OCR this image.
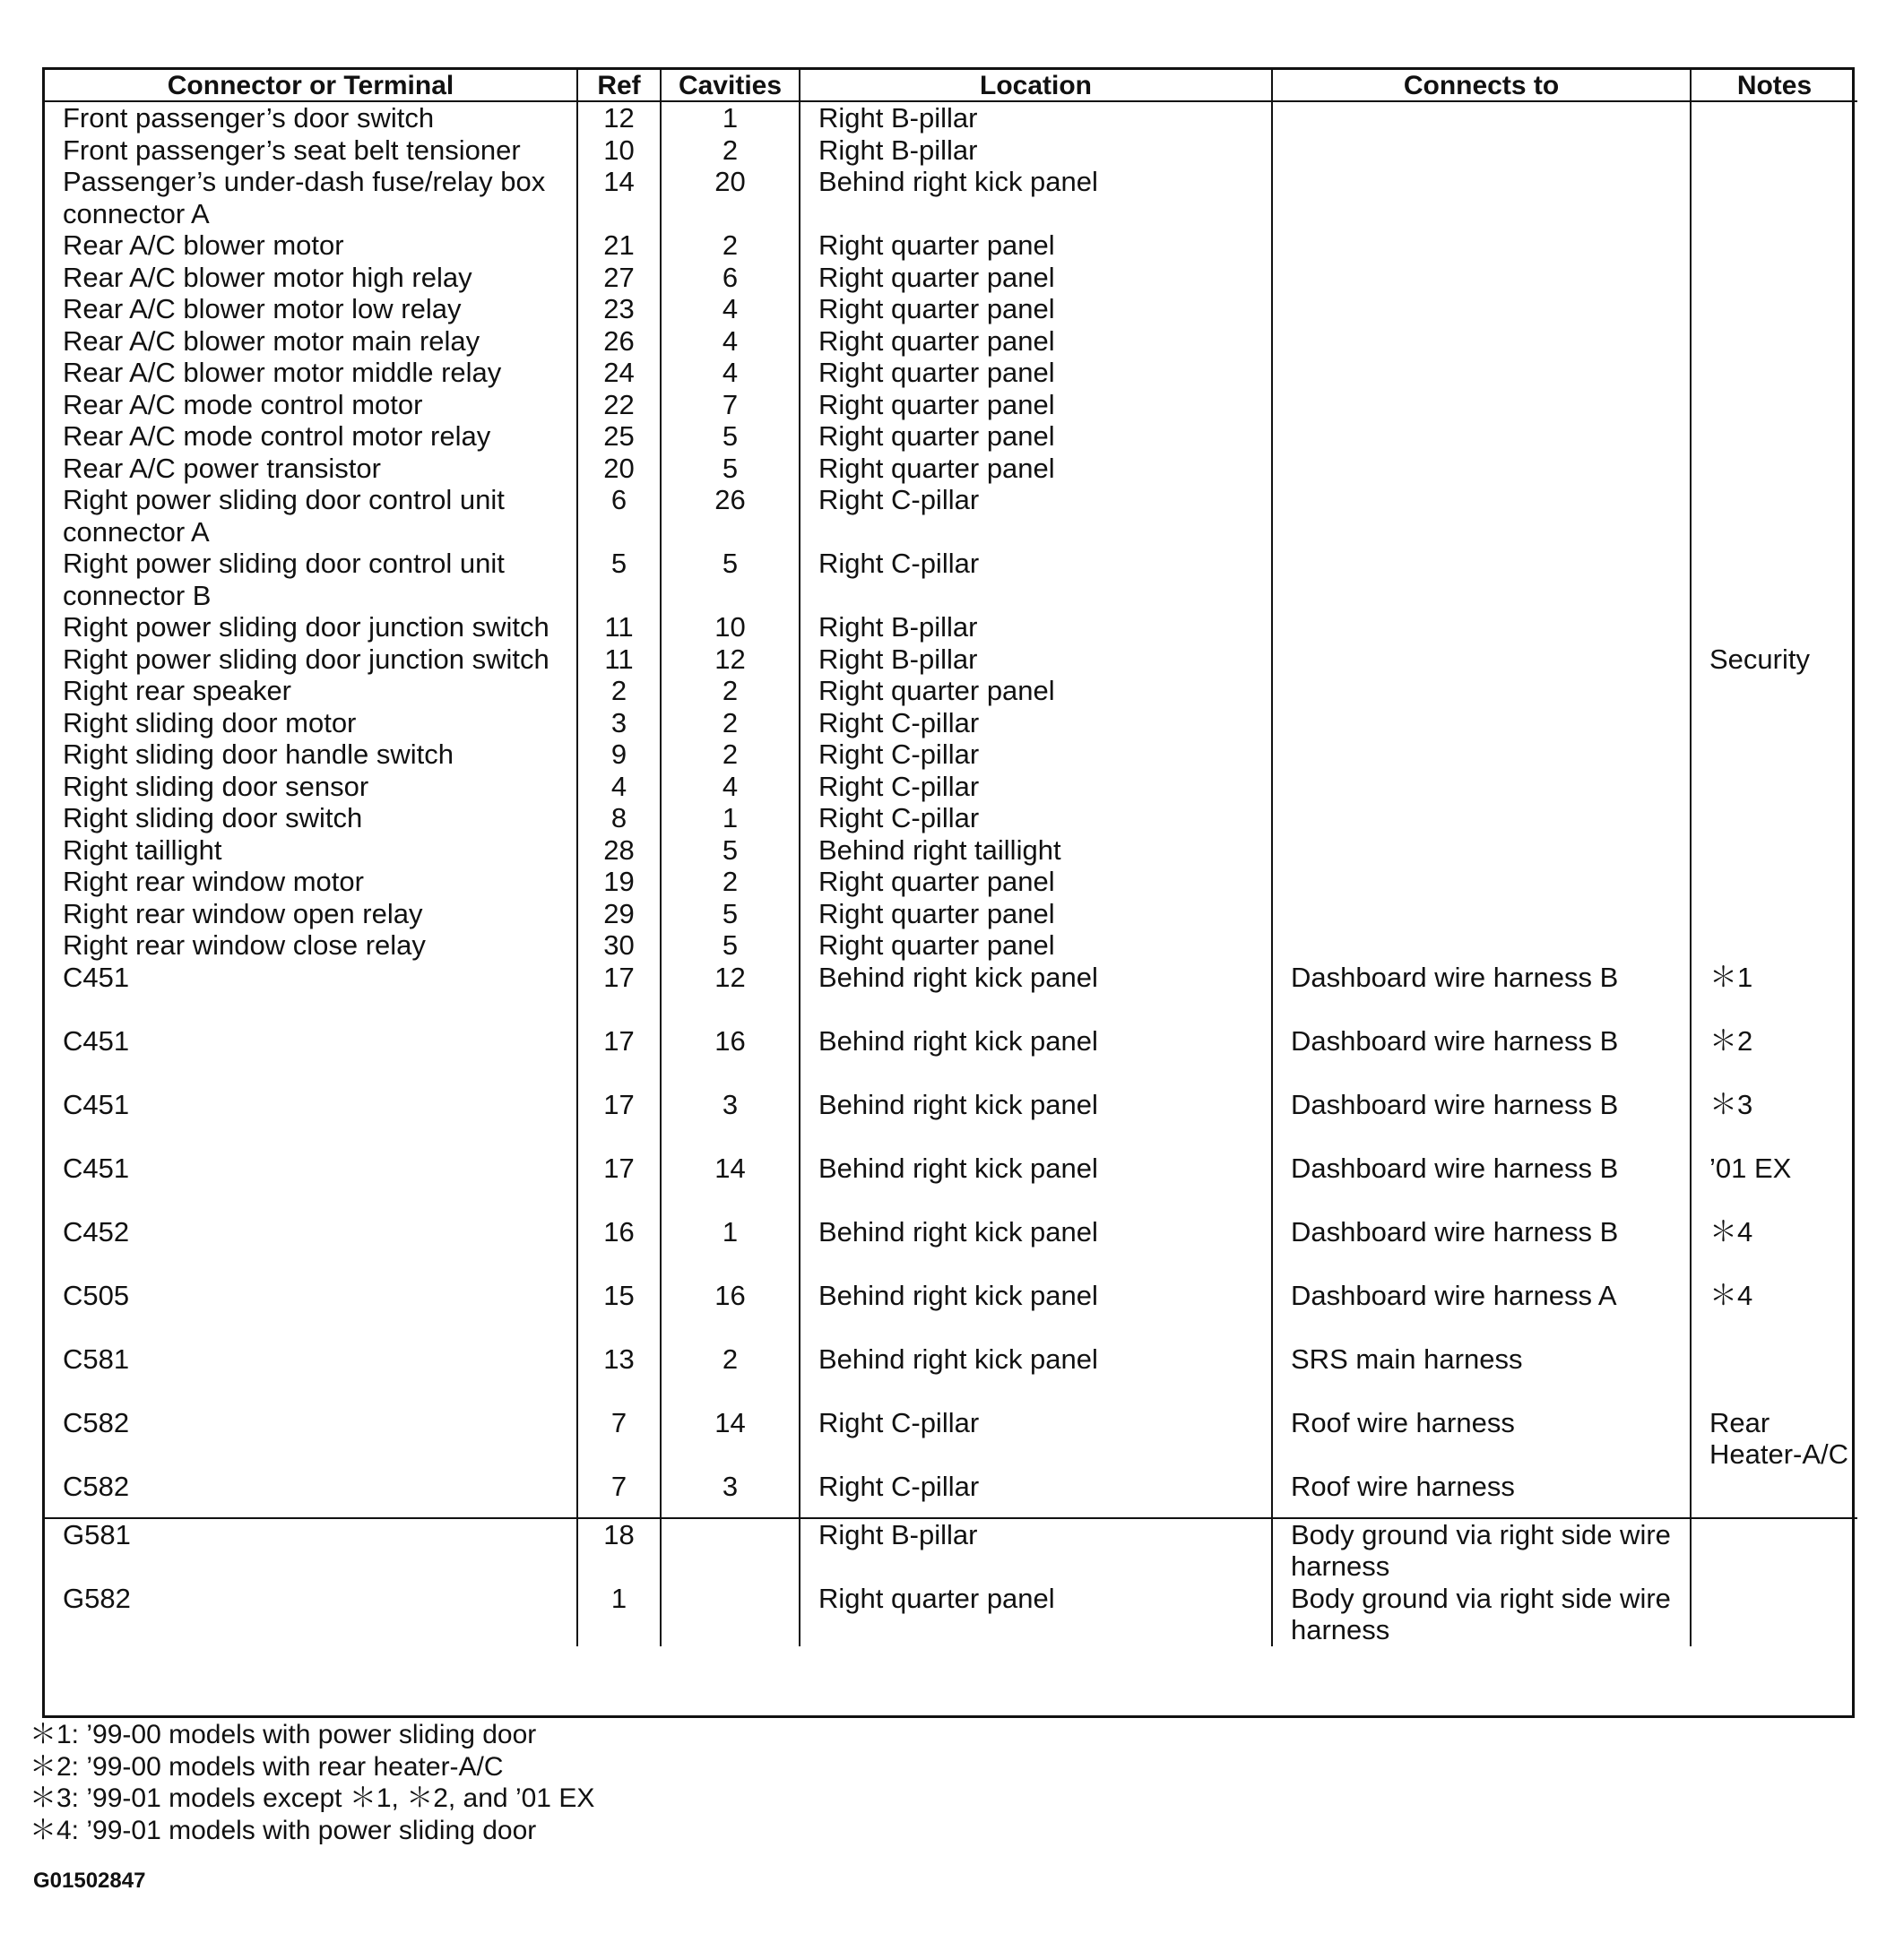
Connector or Terminal	Ref	Cavities	Location	Connects to	Notes
Front passenger’s door switch	12	1	Right B-pillar		
Front passenger’s seat belt tensioner	10	2	Right B-pillar		
Passenger’s under-dash fuse/relay box connector A	14	20	Behind right kick panel		
Rear A/C blower motor	21	2	Right quarter panel		
Rear A/C blower motor high relay	27	6	Right quarter panel		
Rear A/C blower motor low relay	23	4	Right quarter panel		
Rear A/C blower motor main relay	26	4	Right quarter panel		
Rear A/C blower motor middle relay	24	4	Right quarter panel		
Rear A/C mode control motor	22	7	Right quarter panel		
Rear A/C mode control motor relay	25	5	Right quarter panel		
Rear A/C power transistor	20	5	Right quarter panel		
Right power sliding door control unit connector A	6	26	Right C-pillar		
Right power sliding door control unit connector B	5	5	Right C-pillar		
Right power sliding door junction switch	11	10	Right B-pillar		
Right power sliding door junction switch	11	12	Right B-pillar		Security
Right rear speaker	2	2	Right quarter panel		
Right sliding door motor	3	2	Right C-pillar		
Right sliding door handle switch	9	2	Right C-pillar		
Right sliding door sensor	4	4	Right C-pillar		
Right sliding door switch	8	1	Right C-pillar		
Right taillight	28	5	Behind right taillight		
Right rear window motor	19	2	Right quarter panel		
Right rear window open relay	29	5	Right quarter panel		
Right rear window close relay	30	5	Right quarter panel		
C451	17	12	Behind right kick panel	Dashboard wire harness B	＊1
C451	17	16	Behind right kick panel	Dashboard wire harness B	＊2
C451	17	3	Behind right kick panel	Dashboard wire harness B	＊3
C451	17	14	Behind right kick panel	Dashboard wire harness B	’01 EX
C452	16	1	Behind right kick panel	Dashboard wire harness B	＊4
C505	15	16	Behind right kick panel	Dashboard wire harness A	＊4
C581	13	2	Behind right kick panel	SRS main harness	
C582	7	14	Right C-pillar	Roof wire harness	Rear Heater-A/C
C582	7	3	Right C-pillar	Roof wire harness	
G581	18		Right B-pillar	Body ground via right side wire harness	
G582	1		Right quarter panel	Body ground via right side wire harness	
＊1: ’99-00 models with power sliding door
＊2: ’99-00 models with rear heater-A/C
＊3: ’99-01 models except ＊1, ＊2, and ’01 EX
＊4: ’99-01 models with power sliding door
G01502847
